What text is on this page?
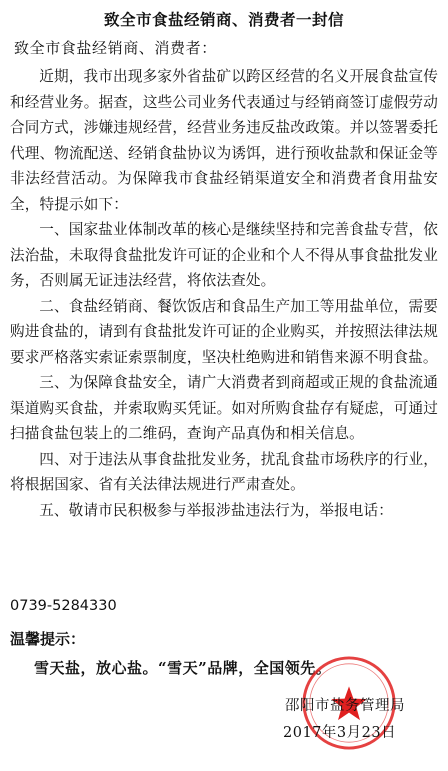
致全市食盐经销商、消费者一封信
致全市食盐经销商、消费者：

近期，我市出现多家外省盐矿以跨区经营的名义开展食盐宣传和经营业务。据查，这些公司业务代表通过与经销商签订虚假劳动合同方式，涉嫌违规经营，经营业务违反盐改政策。并以签署委托代理、物流配送、经销食盐协议为诱饵，进行预收盐款和保证金等非法经营活动。为保障我市食盐经销渠道安全和消费者食用盐安全，特提示如下：

一、国家盐业体制改革的核心是继续坚持和完善食盐专营，依法治盐，未取得食盐批发许可证的企业和个人不得从事食盐批发业务，否则属无证违法经营，将依法查处。

二、食盐经销商、餐饮饭店和食品生产加工等用盐单位，需要购进食盐的，请到有食盐批发许可证的企业购买，并按照法律法规要求严格落实索证索票制度，坚决杜绝购进和销售来源不明食盐。

三、为保障食盐安全，请广大消费者到商超或正规的食盐流通渠道购买食盐，并索取购买凭证。如对所购食盐存有疑虑，可通过扫描食盐包装上的二维码，查询产品真伪和相关信息。

四、对于违法从事食盐批发业务，扰乱食盐市场秩序的行业，将根据国家、省有关法律法规进行严肃查处。

五、敬请市民积极参与举报涉盐违法行为，举报电话：

0739-5284330
温馨提示：
雪天盐，放心盐。“雪天”品牌，全国领先。
邵阳市盐务管理局
2017年3月23日
